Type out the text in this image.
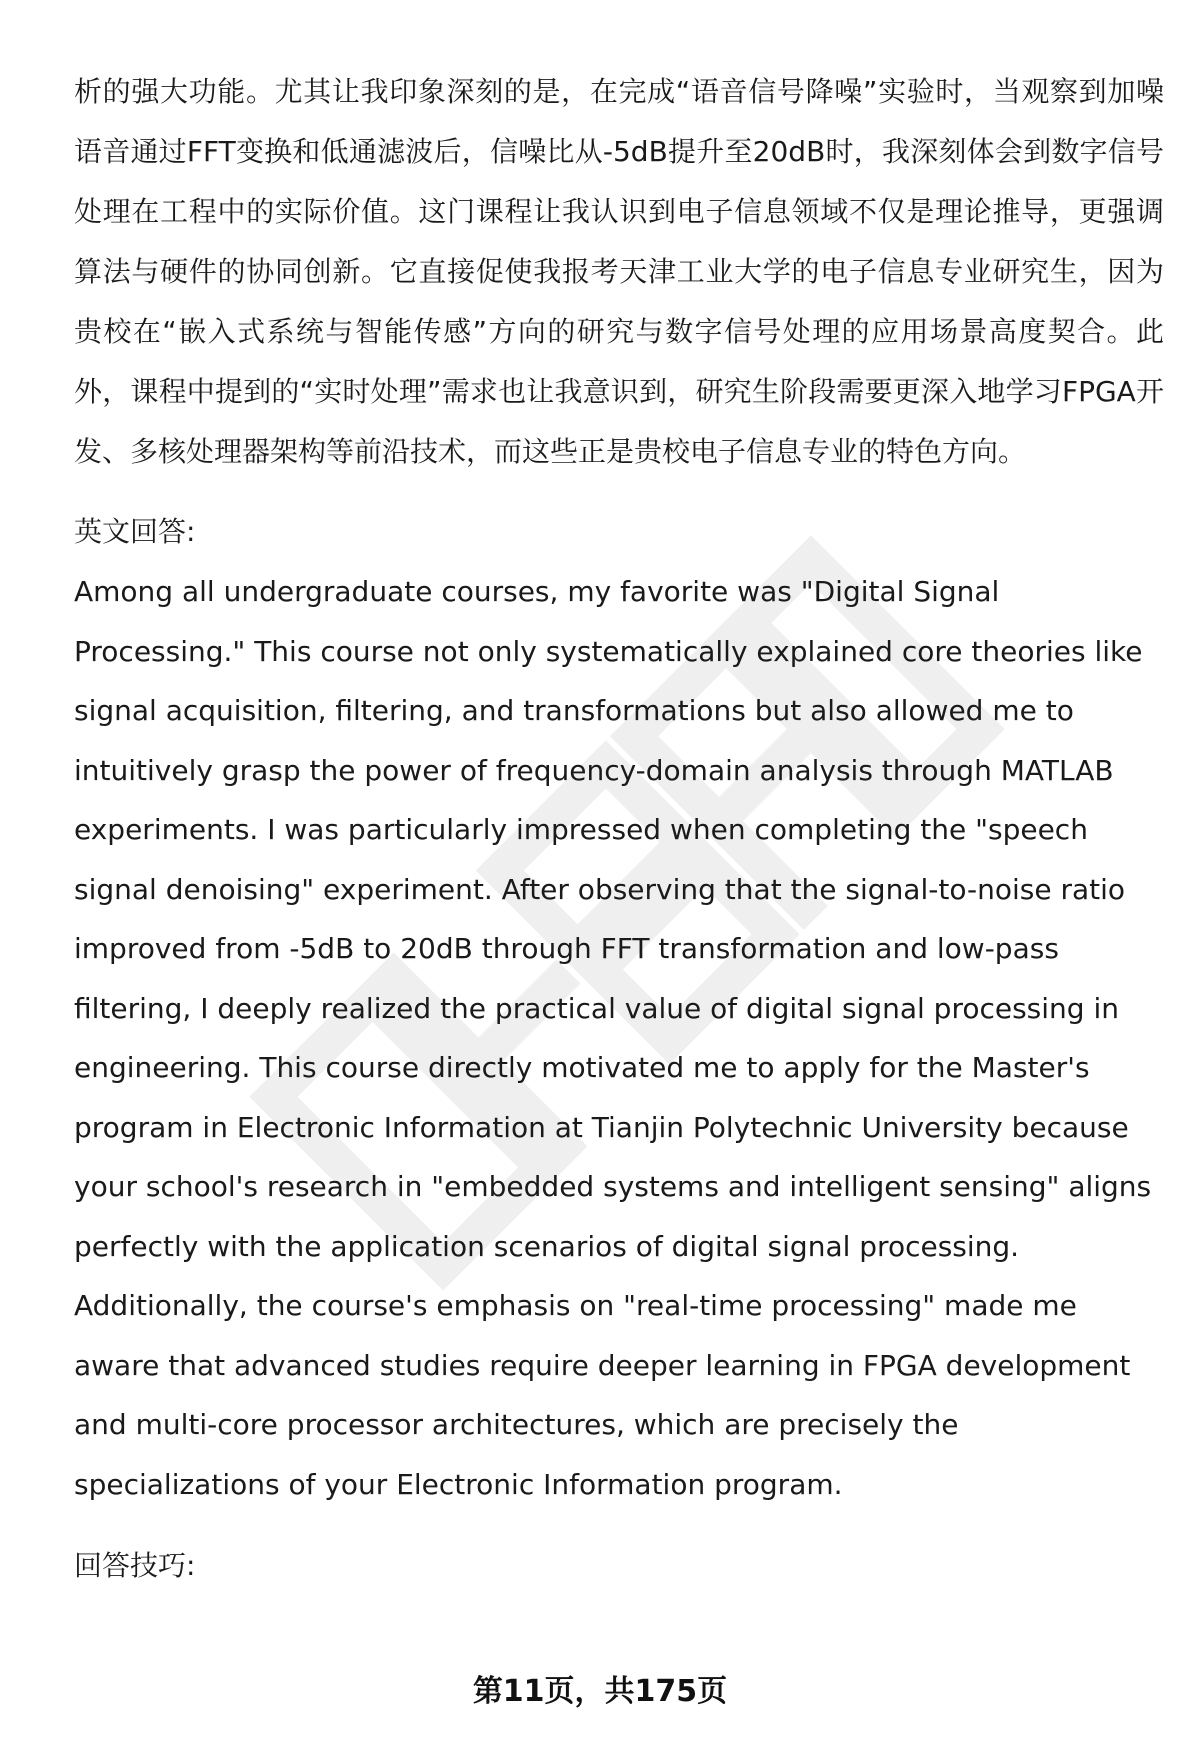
析的强大功能。尤其让我印象深刻的是，在完成“语音信号降噪”实验时，当观察到加噪语音通过FFT变换和低通滤波后，信噪比从-5dB提升至20dB时，我深刻体会到数字信号处理在工程中的实际价值。这门课程让我认识到电子信息领域不仅是理论推导，更强调算法与硬件的协同创新。它直接促使我报考天津工业大学的电子信息专业研究生，因为贵校在“嵌入式系统与智能传感”方向的研究与数字信号处理的应用场景高度契合。此外，课程中提到的“实时处理”需求也让我意识到，研究生阶段需要更深入地学习FPGA开发、多核处理器架构等前沿技术，而这些正是贵校电子信息专业的特色方向。

英文回答:

Among all undergraduate courses, my favorite was "Digital Signal Processing." This course not only systematically explained core theories like signal acquisition, filtering, and transformations but also allowed me to intuitively grasp the power of frequency-domain analysis through MATLAB experiments. I was particularly impressed when completing the "speech signal denoising" experiment. After observing that the signal-to-noise ratio improved from -5dB to 20dB through FFT transformation and low-pass filtering, I deeply realized the practical value of digital signal processing in engineering. This course directly motivated me to apply for the Master's program in Electronic Information at Tianjin Polytechnic University because your school's research in "embedded systems and intelligent sensing" aligns perfectly with the application scenarios of digital signal processing. Additionally, the course's emphasis on "real-time processing" made me aware that advanced studies require deeper learning in FPGA development and multi-core processor architectures, which are precisely the specializations of your Electronic Information program.

回答技巧:

第11页，共175页
